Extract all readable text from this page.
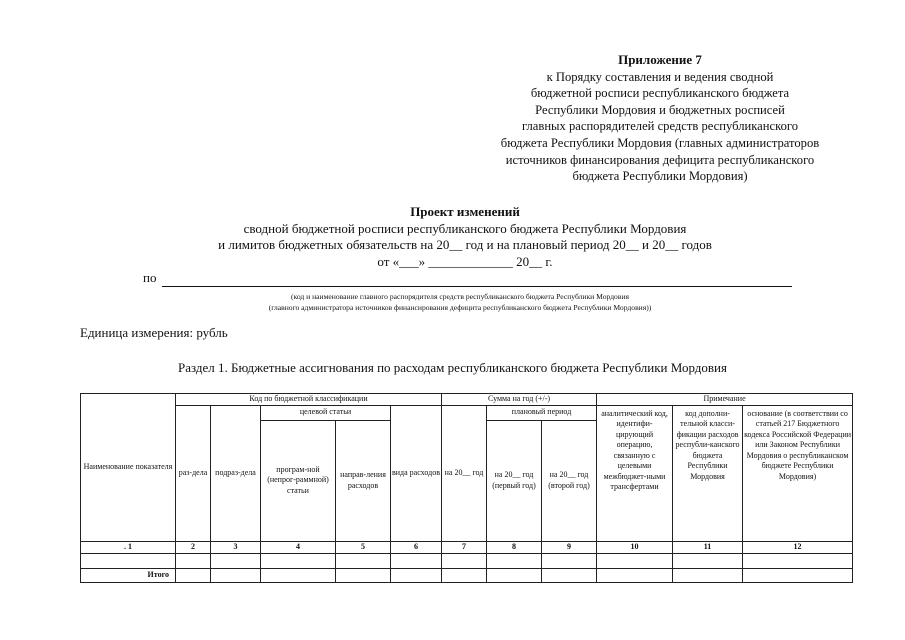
Приложение 7
к Порядку составления и ведения сводной
бюджетной росписи республиканского бюджета
Республики Мордовия и бюджетных росписей
главных распорядителей средств республиканского
бюджета Республики Мордовия (главных администраторов
источников финансирования дефицита республиканского
бюджета Республики Мордовия)
Проект изменений
сводной бюджетной росписи республиканского бюджета Республики Мордовия
и лимитов бюджетных обязательств на 20__ год и на плановый период 20__ и 20__ годов
от «___» _____________ 20__ г.
по
(код и наименование главного распорядителя средств республиканского бюджета Республики Мордовия
(главного администратора источников финансирования дефицита республиканского бюджета Республики Мордовия))
Единица измерения: рубль
Раздел 1. Бюджетные ассигнования по расходам республиканского бюджета Республики Мордовия
Наименование показателя	Код по бюджетной классификации					Сумма на год (+/-)			Примечание		
	раз-дела	подраз-дела	целевой статьи		вида расходов	на 20__ год	плановый период		аналитический код, идентифи-цирующий операцию, связанную с целевыми межбюджет-ными трансфертами	код дополни-тельной класси-фикации расходов республи-канского бюджета Республики Мордовия	основание (в соответствии со статьей 217 Бюджетного кодекса Российской Федерации или Законом Республики Мордовия о республиканском бюджете Республики Мордовия)
			програм-ной (непрог-раммной) статьи	направ-ления расходов			на 20__ год (первый год)	на 20__ год (второй год)			
. 1	2	3	4	5	6	7	8	9	10	11	12

Итого											
